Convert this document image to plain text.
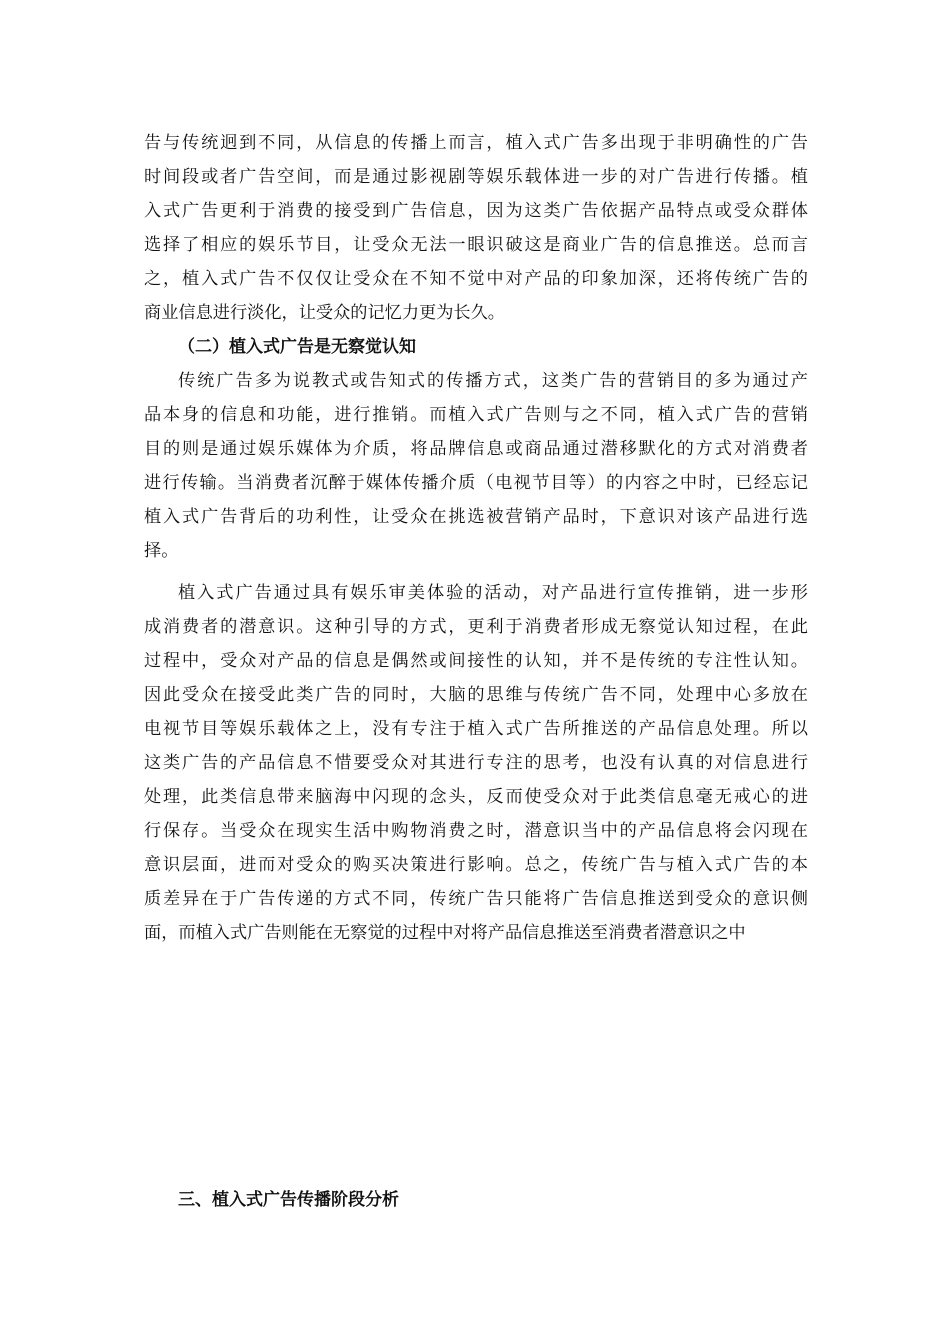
告与传统迥到不同，从信息的传播上而言，植入式广告多出现于非明确性的广告
时间段或者广告空间，而是通过影视剧等娱乐载体进一步的对广告进行传播。植
入式广告更利于消费的接受到广告信息，因为这类广告依据产品特点或受众群体
选择了相应的娱乐节目，让受众无法一眼识破这是商业广告的信息推送。总而言
之，植入式广告不仅仅让受众在不知不觉中对产品的印象加深，还将传统广告的
商业信息进行淡化，让受众的记忆力更为长久。
（二）植入式广告是无察觉认知
传统广告多为说教式或告知式的传播方式，这类广告的营销目的多为通过产
品本身的信息和功能，进行推销。而植入式广告则与之不同，植入式广告的营销
目的则是通过娱乐媒体为介质，将品牌信息或商品通过潜移默化的方式对消费者
进行传输。当消费者沉醉于媒体传播介质（电视节目等）的内容之中时，已经忘记
植入式广告背后的功利性，让受众在挑选被营销产品时，下意识对该产品进行选
择。
植入式广告通过具有娱乐审美体验的活动，对产品进行宣传推销，进一步形
成消费者的潜意识。这种引导的方式，更利于消费者形成无察觉认知过程，在此
过程中，受众对产品的信息是偶然或间接性的认知，并不是传统的专注性认知。
因此受众在接受此类广告的同时，大脑的思维与传统广告不同，处理中心多放在
电视节目等娱乐载体之上，没有专注于植入式广告所推送的产品信息处理。所以
这类广告的产品信息不惜要受众对其进行专注的思考，也没有认真的对信息进行
处理，此类信息带来脑海中闪现的念头，反而使受众对于此类信息毫无戒心的进
行保存。当受众在现实生活中购物消费之时，潜意识当中的产品信息将会闪现在
意识层面，进而对受众的购买决策进行影响。总之，传统广告与植入式广告的本
质差异在于广告传递的方式不同，传统广告只能将广告信息推送到受众的意识侧
面，而植入式广告则能在无察觉的过程中对将产品信息推送至消费者潜意识之中
三、植入式广告传播阶段分析
